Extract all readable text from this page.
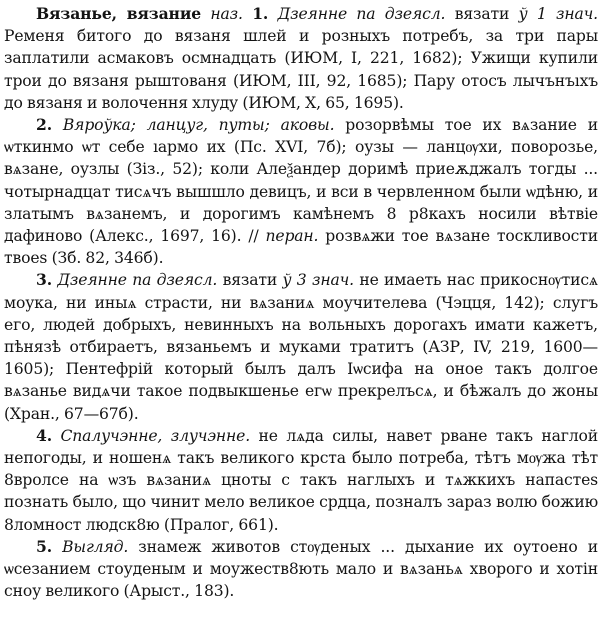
Вязанье, вязание наз. 1. Дзеянне па дзеясл. вязати ў 1 знач. Ременя битого до вязаня шлей и розныхъ потребъ, за три пары заплатили асмаковъ осмнадцать (ИЮМ, I, 221, 1682); Ужищи купили трои до вязаня рыштованя (ИЮМ, III, 92, 1685); Пару отосъ лычънъıхъ до вязаня и волочення хлуду (ИЮМ, X, 65, 1695).

2. Вяроўка; ланцуг, путы; аковы. розорвѣмы тое их вѧзание и ѡткинмо ѡт себе ıармо их (Пс. XVI, 7б); оузы — ланцѹхи, поворозье, вѧзане, оузлы (Зіз., 52); коли Алеѯандер доримѣ приеѫджалъ тогды ... чотырнадцат тисѧчъ вышшло девицъ, и вси в червленном были ѡдѣню, и златымъ вѧзанемъ, и дорогимъ камѣнемъ 8 р8кахъ носили вѣтвіе дафиново (Алекс., 1697, 16). // перан. розвѧжи тое вѧзане тоскливости твоеѕ (Зб. 82, 346б).

3. Дзеянне па дзеясл. вязати ў 3 знач. не имаеть нас прикоснѹтисѧ моука, ни иныѧ страсти, ни вѧзаниѧ моучителева (Чэцця, 142); слугъ его, людей добрыхъ, невинныхъ на вольныхъ дорогахъ имати кажетъ, пѣнязѣ отбираетъ, вязаньемъ и муками тратитъ (АЗР, IV, 219, 1600—1605); Пентефрій который былъ далъ Іѡсифа на оное такъ долгое вѧзанье видѧчи такое подвыкшенье егѡ прекрелъсѧ, и бѣжалъ до жоны (Хран., 67—67б).

4. Спалучэнне, злучэнне. не лѧда силы, навет рване такъ наглой непогоды, и ношенѧ такъ великого крста было потреба, тѣтъ мѹжа тѣт 8вролсе на ѡзъ вѧзаниѧ цноты с такъ наглыхъ и тѧжкихъ напастеѕ познать было, що чинит мело великое срдца, позналъ зараз волю божию 8ломност людск8ю (Пралог, 661).

5. Выгляд. знамеж животов стѹденых ... дыхание их оутоено и ѡсезанием стоуденым и моужеств8ють мало и вѧзаньѧ хворого и хотін сноу великого (Арыст., 183).
